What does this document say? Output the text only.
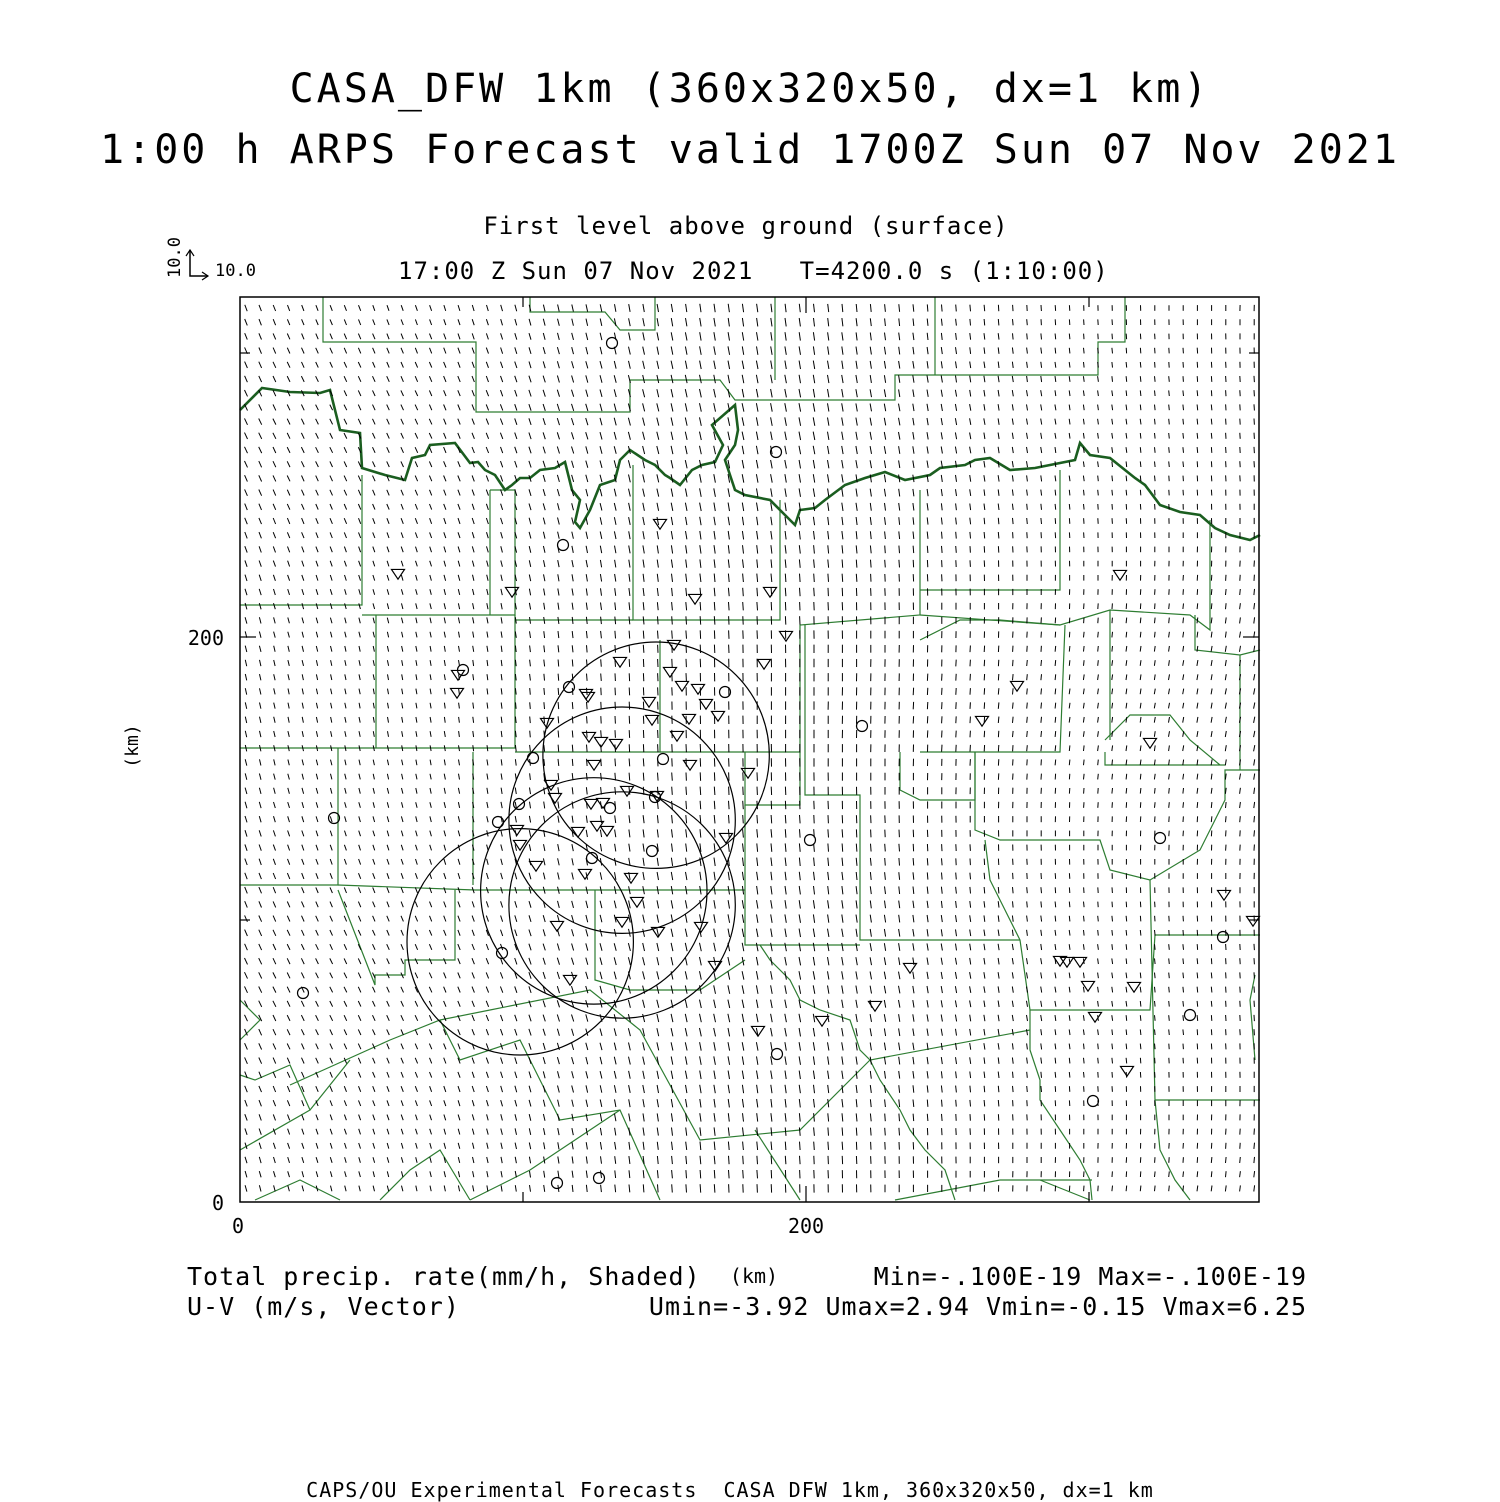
CASA_DFW 1km (360x320x50, dx=1 km)
1:00 h ARPS Forecast valid 1700Z Sun 07 Nov 2021
First level above ground (surface)
17:00 Z Sun 07 Nov 2021   T=4200.0 s (1:10:00)
0
200
0	200
(km)
(km)
10.0
10.0
Total precip. rate(mm/h, Shaded)
U-V (m/s, Vector)
Min=-.100E-19 Max=-.100E-19
Umin=-3.92 Umax=2.94 Vmin=-0.15 Vmax=6.25
CAPS/OU Experimental Forecasts  CASA DFW 1km, 360x320x50, dx=1 km
